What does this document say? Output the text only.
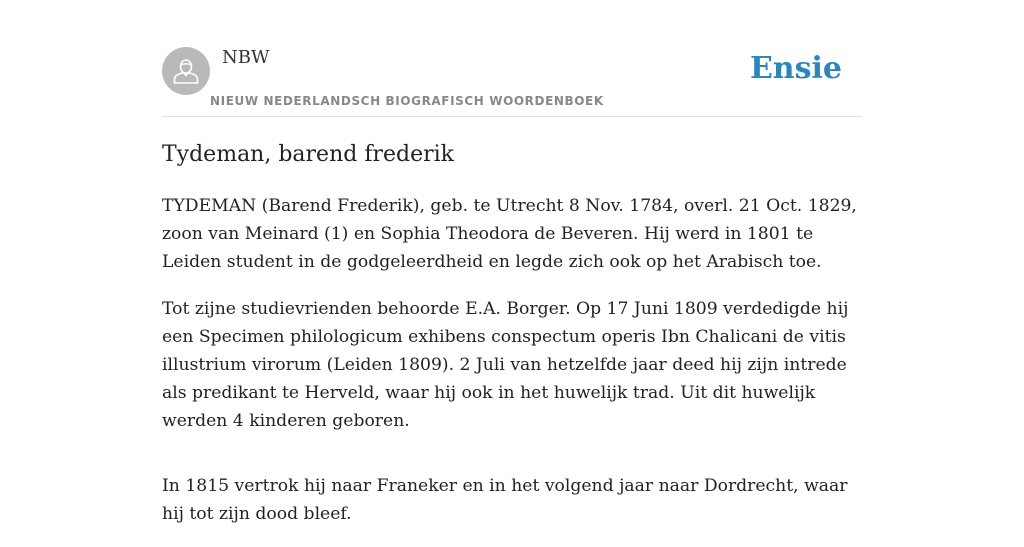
NBW
NIEUW NEDERLANDSCH BIOGRAFISCH WOORDENBOEK
Ensie
Tydeman, barend frederik

TYDEMAN (Barend Frederik), geb. te Utrecht 8 Nov. 1784, overl. 21 Oct. 1829, zoon van Meinard (1) en Sophia Theodora de Beveren. Hij werd in 1801 te Leiden student in de godgeleerdheid en legde zich ook op het Arabisch toe.

Tot zijne studievrienden behoorde E.A. Borger. Op 17 Juni 1809 verdedigde hij een Specimen philologicum exhibens conspectum operis Ibn Chalicani de vitis illustrium virorum (Leiden 1809). 2 Juli van hetzelfde jaar deed hij zijn intrede als predikant te Herveld, waar hij ook in het huwelijk trad. Uit dit huwelijk werden 4 kinderen geboren.

In 1815 vertrok hij naar Franeker en in het volgend jaar naar Dordrecht, waar hij tot zijn dood bleef.
